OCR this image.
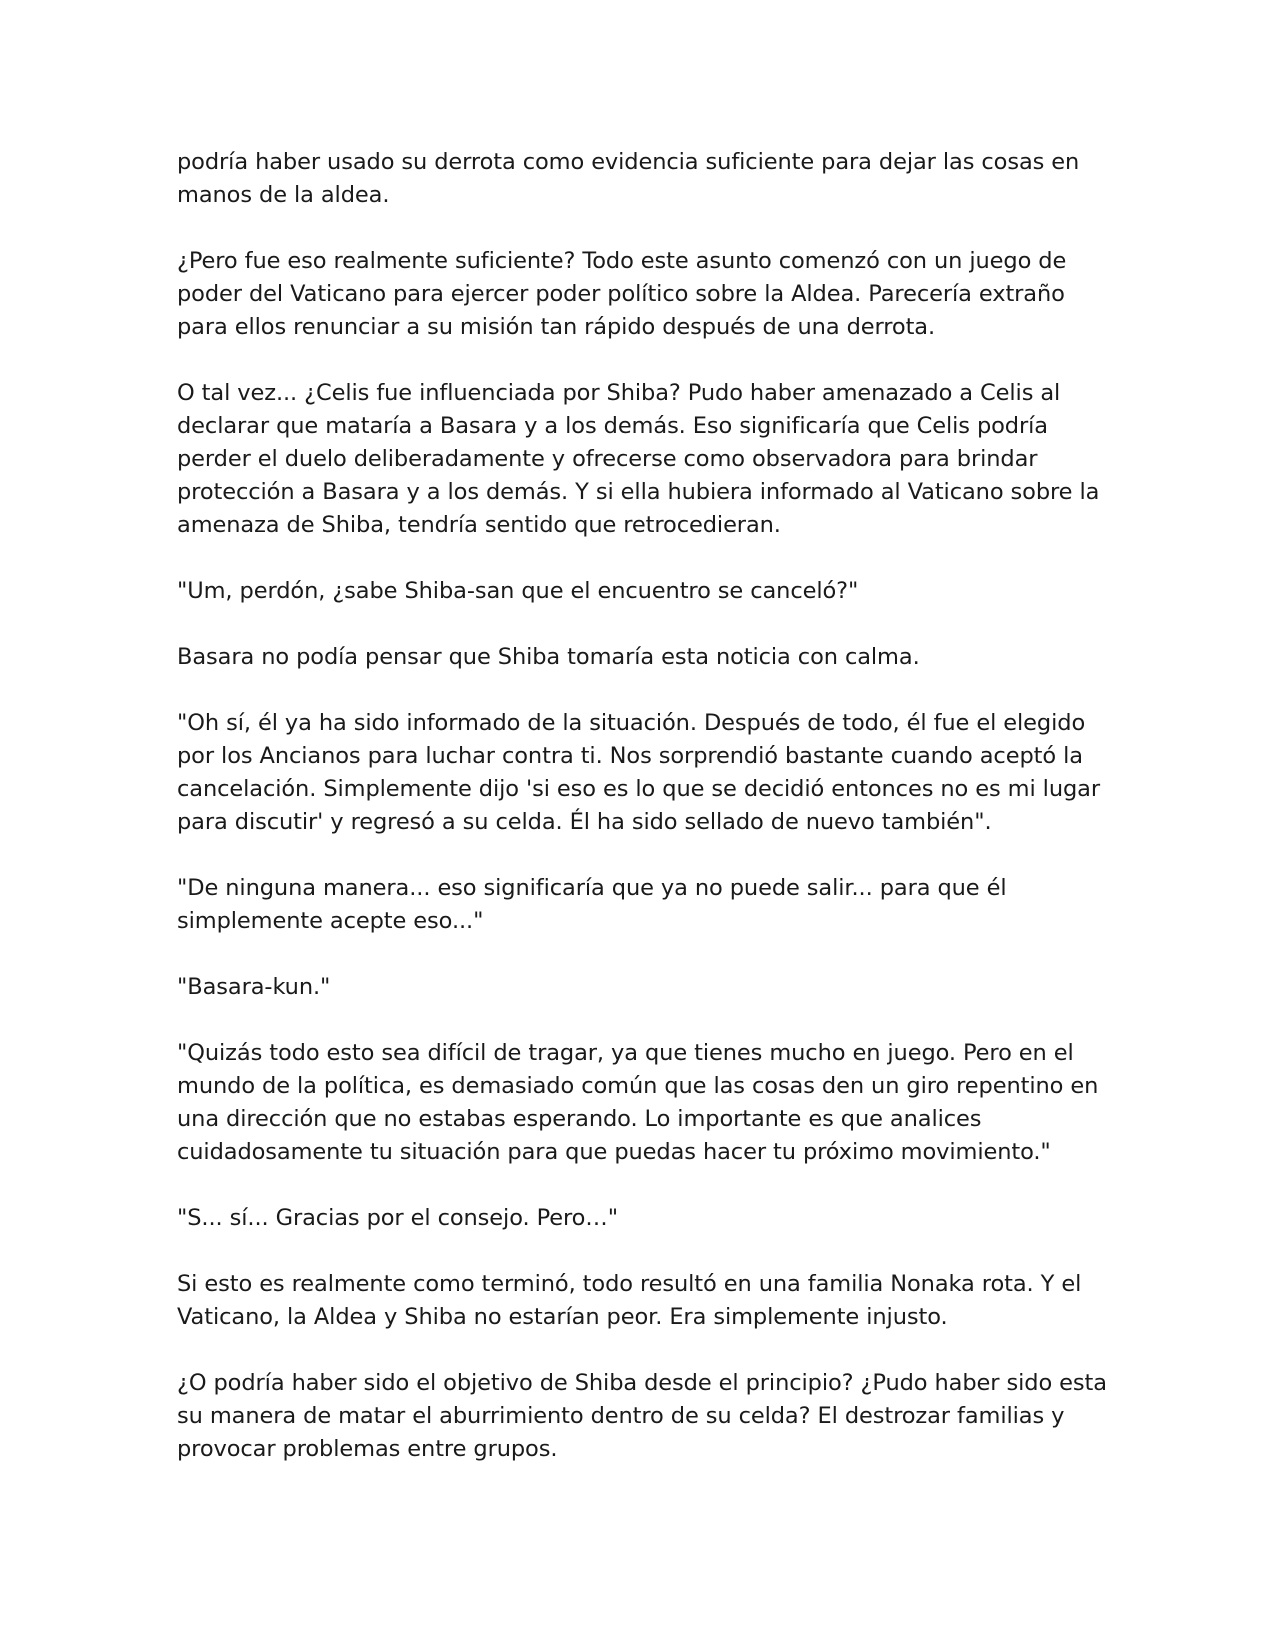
podría haber usado su derrota como evidencia suficiente para dejar las cosas en manos de la aldea.

¿Pero fue eso realmente suficiente? Todo este asunto comenzó con un juego de poder del Vaticano para ejercer poder político sobre la Aldea. Parecería extraño para ellos renunciar a su misión tan rápido después de una derrota.

O tal vez... ¿Celis fue influenciada por Shiba? Pudo haber amenazado a Celis al declarar que mataría a Basara y a los demás. Eso significaría que Celis podría perder el duelo deliberadamente y ofrecerse como observadora para brindar protección a Basara y a los demás. Y si ella hubiera informado al Vaticano sobre la amenaza de Shiba, tendría sentido que retrocedieran.

"Um, perdón, ¿sabe Shiba-san que el encuentro se canceló?"

Basara no podía pensar que Shiba tomaría esta noticia con calma.

"Oh sí, él ya ha sido informado de la situación. Después de todo, él fue el elegido por los Ancianos para luchar contra ti. Nos sorprendió bastante cuando aceptó la cancelación. Simplemente dijo 'si eso es lo que se decidió entonces no es mi lugar para discutir' y regresó a su celda. Él ha sido sellado de nuevo también".

"De ninguna manera... eso significaría que ya no puede salir... para que él simplemente acepte eso..."

"Basara-kun."

"Quizás todo esto sea difícil de tragar, ya que tienes mucho en juego. Pero en el mundo de la política, es demasiado común que las cosas den un giro repentino en una dirección que no estabas esperando. Lo importante es que analices cuidadosamente tu situación para que puedas hacer tu próximo movimiento."

"S... sí... Gracias por el consejo. Pero…"

Si esto es realmente como terminó, todo resultó en una familia Nonaka rota. Y el Vaticano, la Aldea y Shiba no estarían peor. Era simplemente injusto.

¿O podría haber sido el objetivo de Shiba desde el principio? ¿Pudo haber sido esta su manera de matar el aburrimiento dentro de su celda? El destrozar familias y provocar problemas entre grupos.
